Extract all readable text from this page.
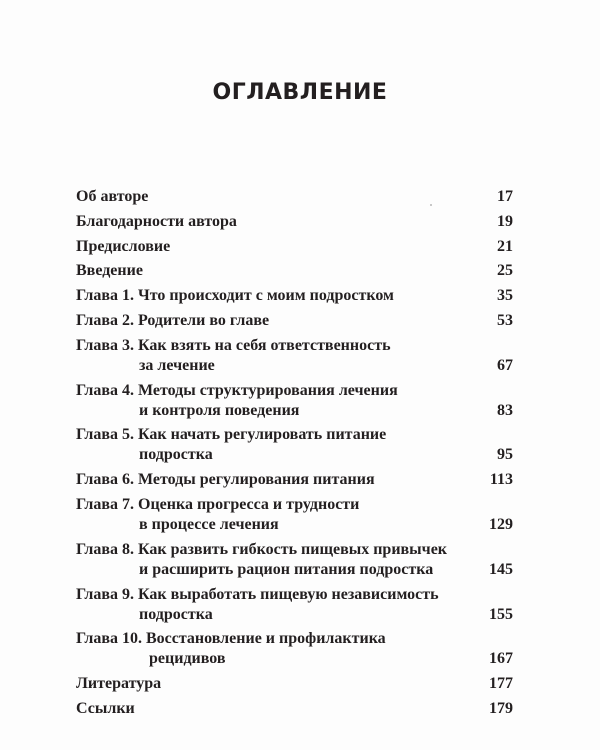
ОГЛАВЛЕНИЕ
Об авторе	17
Благодарности автора	19
Предисловие	21
Введение	25
Глава 1. Что происходит с моим подростком	35
Глава 2. Родители во главе	53
Глава 3. Как взять на себя ответственность
за лечение	67
Глава 4. Методы структурирования лечения
и контроля поведения	83
Глава 5. Как начать регулировать питание
подростка	95
Глава 6. Методы регулирования питания	113
Глава 7. Оценка прогресса и трудности
в процессе лечения	129
Глава 8. Как развить гибкость пищевых привычек
и расширить рацион питания подростка	145
Глава 9. Как выработать пищевую независимость
подростка	155
Глава 10. Восстановление и профилактика
рецидивов	167
Литература	177
Ссылки	179
